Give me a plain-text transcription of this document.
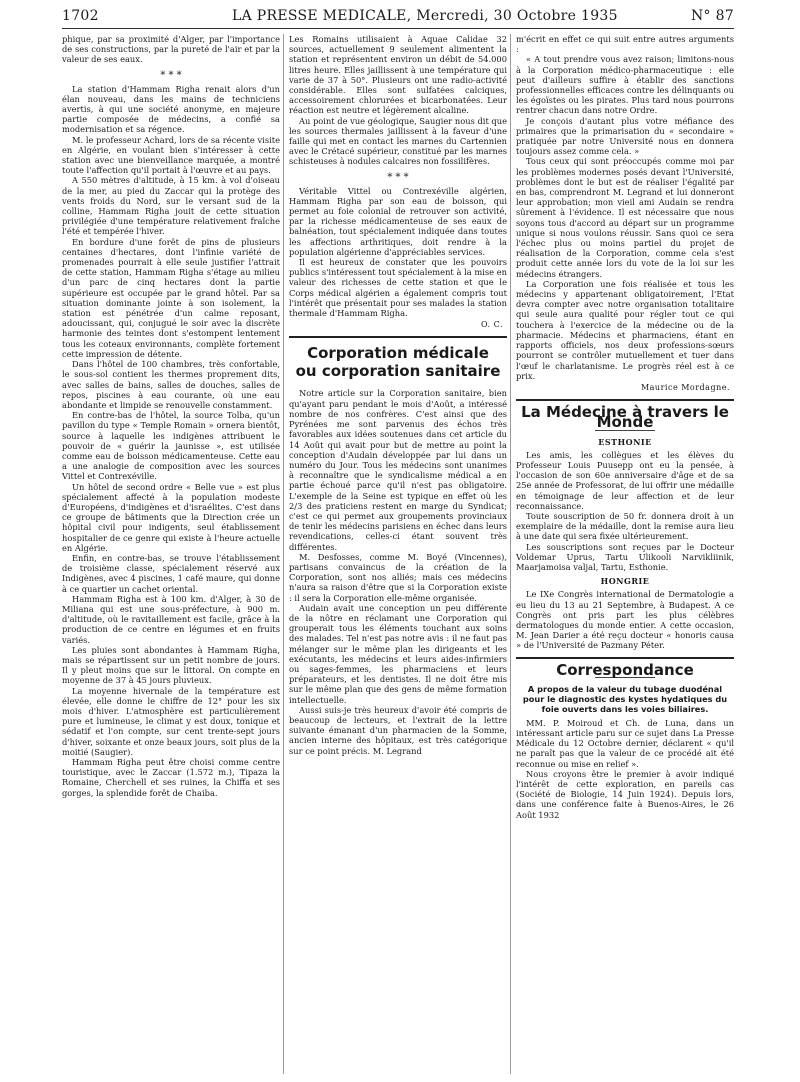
1702	LA PRESSE MEDICALE, Mercredi, 30 Octobre 1935	N° 87

phique, par sa proximité d'Alger, par l'importance de ses constructions, par la pureté de l'air et par la valeur de ses eaux.

* * *

La station d'Hammam Righa renait alors d'un élan nouveau, dans les mains de techniciens avertis, à qui une société anonyme, en majeure partie composée de médecins, a confié sa modernisation et sa régence.

M. le professeur Achard, lors de sa récente visite en Algérie, en voulant bien s'intéresser à cette station avec une bienveillance marquée, a montré toute l'affection qu'il portait à l'œuvre et au pays.

A 550 mètres d'altitude, à 15 km. à vol d'oiseau de la mer, au pied du Zaccar qui la protège des vents froids du Nord, sur le versant sud de la colline, Hammam Righa jouit de cette situation privilégiée d'une température relativement fraîche l'été et tempérée l'hiver.

En bordure d'une forêt de pins de plusieurs centaines d'hectares, dont l'infinie variété de promenades pourrait à elle seule justifier l'attrait de cette station, Hammam Righa s'étage au milieu d'un parc de cinq hectares dont la partie supérieure est occupée par le grand hôtel. Par sa situation dominante jointe à son isolement, la station est pénétrée d'un calme reposant, adoucissant, qui, conjugué le soir avec la discrète harmonie des teintes dont s'estompent lentement tous les coteaux environnants, complète fortement cette impression de détente.

Dans l'hôtel de 100 chambres, très confortable, le sous-sol contient les thermes proprement dits, avec salles de bains, salles de douches, salles de repos, piscines à eau courante, où une eau abondante et limpide se renouvelle constamment.

En contre-bas de l'hôtel, la source Tolba, qu'un pavillon du type « Temple Romain » ornera bientôt, source à laquelle les indigènes attribuent le pouvoir de « guérir la jaunisse », est utilisée comme eau de boisson médicamenteuse. Cette eau a une analogie de composition avec les sources Vittel et Contrexéville.

Un hôtel de second ordre « Belle vue » est plus spécialement affecté à la population modeste d'Européens, d'indigènes et d'israélites. C'est dans ce groupe de bâtiments que la Direction crée un hôpital civil pour indigents, seul établissement hospitalier de ce genre qui existe à l'heure actuelle en Algérie.

Enfin, en contre-bas, se trouve l'établissement de troisième classe, spécialement réservé aux Indigènes, avec 4 piscines, 1 café maure, qui donne à ce quartier un cachet oriental.

Hammam Righa est à 100 km. d'Alger, à 30 de Miliana qui est une sous-préfecture, à 900 m. d'altitude, où le ravitaillement est facile, grâce à la production de ce centre en légumes et en fruits variés.

Les pluies sont abondantes à Hammam Righa, mais se répartissent sur un petit nombre de jours. Il y pleut moins que sur le littoral. On compte en moyenne de 37 à 45 jours pluvieux.

La moyenne hivernale de la température est élevée, elle donne le chiffre de 12° pour les six mois d'hiver. L'atmosphère est particulièrement pure et lumineuse, le climat y est doux, tonique et sédatif et l'on compte, sur cent trente-sept jours d'hiver, soixante et onze beaux jours, soit plus de la moitié (Saugier).

Hammam Righa peut être choisi comme centre touristique, avec le Zaccar (1.572 m.), Tipaza la Romaine, Cherchell et ses ruines, la Chiffa et ses gorges, la splendide forêt de Chaiba.

Les Romains utilisaient à Aquae Calidae 32 sources, actuellement 9 seulement alimentent la station et représentent environ un débit de 54.000 litres heure. Elles jaillissent à une température qui varie de 37 à 50°. Plusieurs ont une radio-activité considérable. Elles sont sulfatées calciques, accessoirement chlorurées et bicarbonatées. Leur réaction est neutre et légèrement alcaline.

Au point de vue géologique, Saugier nous dit que les sources thermales jaillissent à la faveur d'une faille qui met en contact les marnes du Cartennien avec le Crétacé supérieur, constitué par les marnes schisteuses à nodules calcaires non fossilifères.

* * *

Véritable Vittel ou Contrexéville algérien, Hammam Righa par son eau de boisson, qui permet au foie colonial de retrouver son activité, par la richesse médicamenteuse de ses eaux de balnéation, tout spécialement indiquée dans toutes les affections arthritiques, doit rendre à la population algérienne d'appréciables services.

Il est heureux de constater que les pouvoirs publics s'intéressent tout spécialement à la mise en valeur des richesses de cette station et que le Corps médical algérien a également compris tout l'intérêt que présentait pour ses malades la station thermale d'Hammam Righa.

O. C.
Corporation médicale
ou corporation sanitaire

Notre article sur la Corporation sanitaire, bien qu'ayant paru pendant le mois d'Août, a intéressé nombre de nos confrères. C'est ainsi que des Pyrénées me sont parvenus des échos très favorables aux idées soutenues dans cet article du 14 Août qui avait pour but de mettre au point la conception d'Audain développée par lui dans un numéro du Jour. Tous les médecins sont unanimes à reconnaître que le syndicalisme médical a en partie échoué parce qu'il n'est pas obligatoire. L'exemple de la Seine est typique en effet où les 2/3 des praticiens restent en marge du Syndicat; c'est ce qui permet aux groupements provinciaux de tenir les médecins parisiens en échec dans leurs revendications, celles-ci étant souvent très différentes.

M. Desfosses, comme M. Boyé (Vincennes), partisans convaincus de la création de la Corporation, sont nos alliés; mais ces médecins n'aura sa raison d'être que si la Corporation existe : il sera la Corporation elle-même organisée.

Audain avait une conception un peu différente de la nôtre en réclamant une Corporation qui grouperait tous les éléments touchant aux soins des malades. Tel n'est pas notre avis : il ne faut pas mélanger sur le même plan les dirigeants et les exécutants, les médecins et leurs aides-infirmiers ou sages-femmes, les pharmaciens et leurs préparateurs, et les dentistes. Il ne doit être mis sur le même plan que des gens de même formation intellectuelle.

Aussi suis-je très heureux d'avoir été compris de beaucoup de lecteurs, et l'extrait de la lettre suivante émanant d'un pharmacien de la Somme, ancien interne des hôpitaux, est très catégorique sur ce point précis. M. Legrand

m'écrit en effet ce qui suit entre autres arguments :

« A tout prendre vous avez raison; limitons-nous à la Corporation médico-pharmaceutique : elle peut d'ailleurs suffire à établir des sanctions professionnelles efficaces contre les délinquants ou les égoïstes ou les pirates. Plus tard nous pourrons rentrer chacun dans notre Ordre.

Je conçois d'autant plus votre méfiance des primaires que la primarisation du « secondaire » pratiquée par notre Université nous en donnera toujours assez comme cela. »

Tous ceux qui sont préoccupés comme moi par les problèmes modernes posés devant l'Université, problèmes dont le but est de réaliser l'égalité par en bas, comprendront M. Legrand et lui donneront leur approbation; mon vieil ami Audain se rendra sûrement à l'évidence. Il est nécessaire que nous soyons tous d'accord au départ sur un programme unique si nous voulons réussir. Sans quoi ce sera l'échec plus ou moins partiel du projet de réalisation de la Corporation, comme cela s'est produit cette année lors du vote de la loi sur les médecins étrangers.

La Corporation une fois réalisée et tous les médecins y appartenant obligatoirement, l'Etat devra compter avec notre organisation totalitaire qui seule aura qualité pour régler tout ce qui touchera à l'exercice de la médecine ou de la pharmacie. Médecins et pharmaciens, étant en rapports officiels, nos deux professions-sœurs pourront se contrôler mutuellement et tuer dans l'œuf le charlatanisme. Le progrès réel est à ce prix.

Maurice Mordagne.
La Médecine à travers le Monde
ESTHONIE

Les amis, les collègues et les élèves du Professeur Louis Puusepp ont eu la pensée, à l'occasion de son 60e anniversaire d'âge et de sa 25e année de Professorat, de lui offrir une médaille en témoignage de leur affection et de leur reconnaissance.

Toute souscription de 50 fr. donnera droit à un exemplaire de la médaille, dont la remise aura lieu à une date qui sera fixée ultérieurement.

Les souscriptions sont reçues par le Docteur Voldemar Uprus, Tartu Ulikooli Narvikliinik, Maarjamoisa valjal, Tartu, Esthonie.

HONGRIE

Le IXe Congrès international de Dermatologie a eu lieu du 13 au 21 Septembre, à Budapest. A ce Congrès ont pris part les plus célèbres dermatologues du monde entier. A cette occasion, M. Jean Darier a été reçu docteur « honoris causa » de l'Université de Pazmany Péter.

Correspondance
A propos de la valeur du tubage duodénal pour le diagnostic des kystes hydatiques du foie ouverts dans les voies biliaires.

MM. P. Moiroud et Ch. de Luna, dans un intéressant article paru sur ce sujet dans La Presse Médicale du 12 Octobre dernier, déclarent « qu'il ne paraît pas que la valeur de ce procédé ait été reconnue ou mise en relief ».

Nous croyons être le premier à avoir indiqué l'intérêt de cette exploration, en pareils cas (Société de Biologie, 14 Juin 1924). Depuis lors, dans une conférence faite à Buenos-Aires, le 26 Août 1932
